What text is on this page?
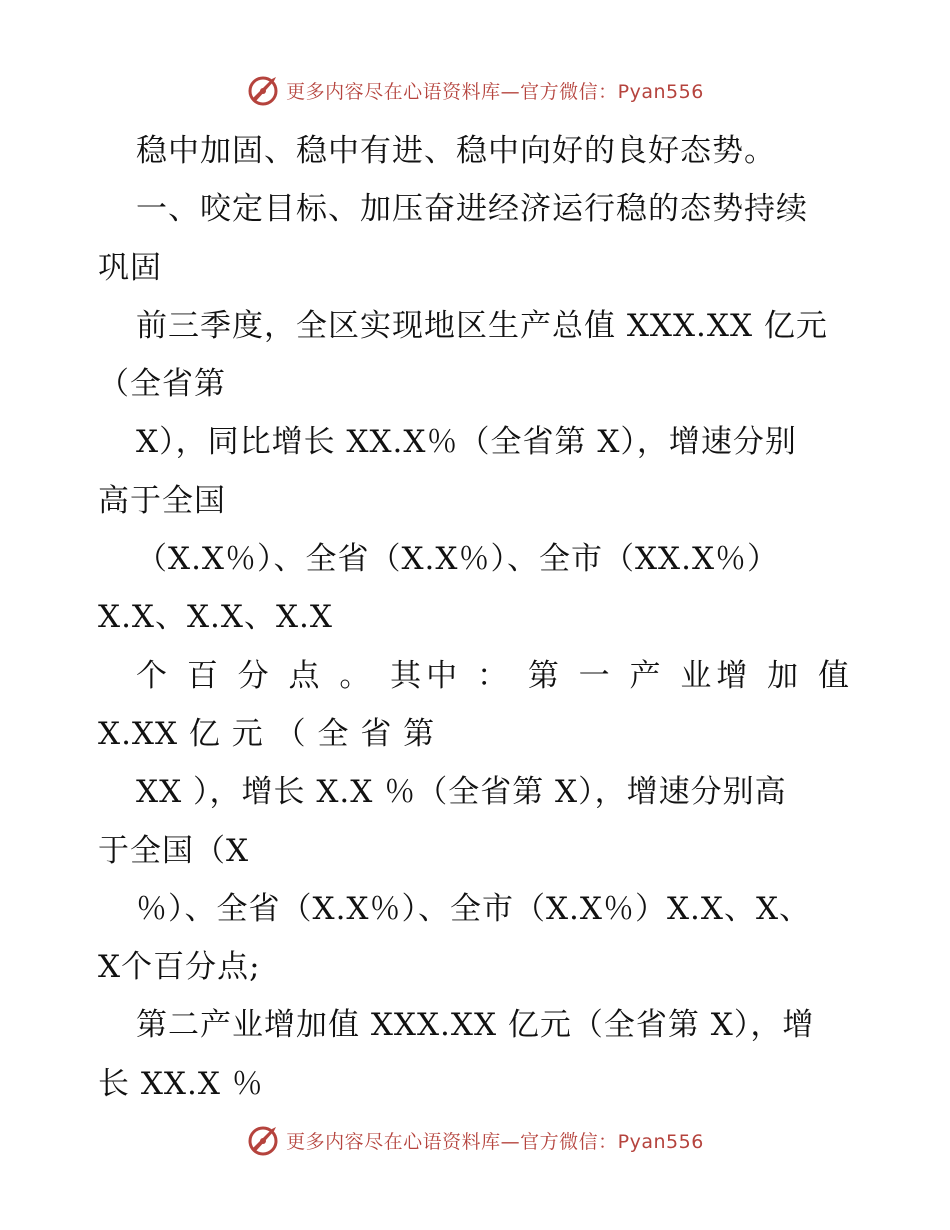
更多内容尽在心语资料库—官方微信：Pyan556
稳中加固、稳中有进、稳中向好的良好态势。
一、咬定目标、加压奋进经济运行稳的态势持续
巩固
前三季度，全区实现地区生产总值 XXX.XX 亿元
（全省第
X），同比增长 XX.X％（全省第 X），增速分别
高于全国
（X.X％）、全省（X.X％）、全市（XX.X％）
X.X、X.X、X.X
个 百 分 点 。 其中 ： 第 一 产 业增 加 值
X.XX 亿 元 （ 全 省 第
XX ），增长 X.X ％（全省第 X），增速分别高
于全国（X
％）、全省（X.X％）、全市（X.X％）X.X、X、
X个百分点;
第二产业增加值 XXX.XX 亿元（全省第 X），增
长 XX.X ％
更多内容尽在心语资料库—官方微信：Pyan556
